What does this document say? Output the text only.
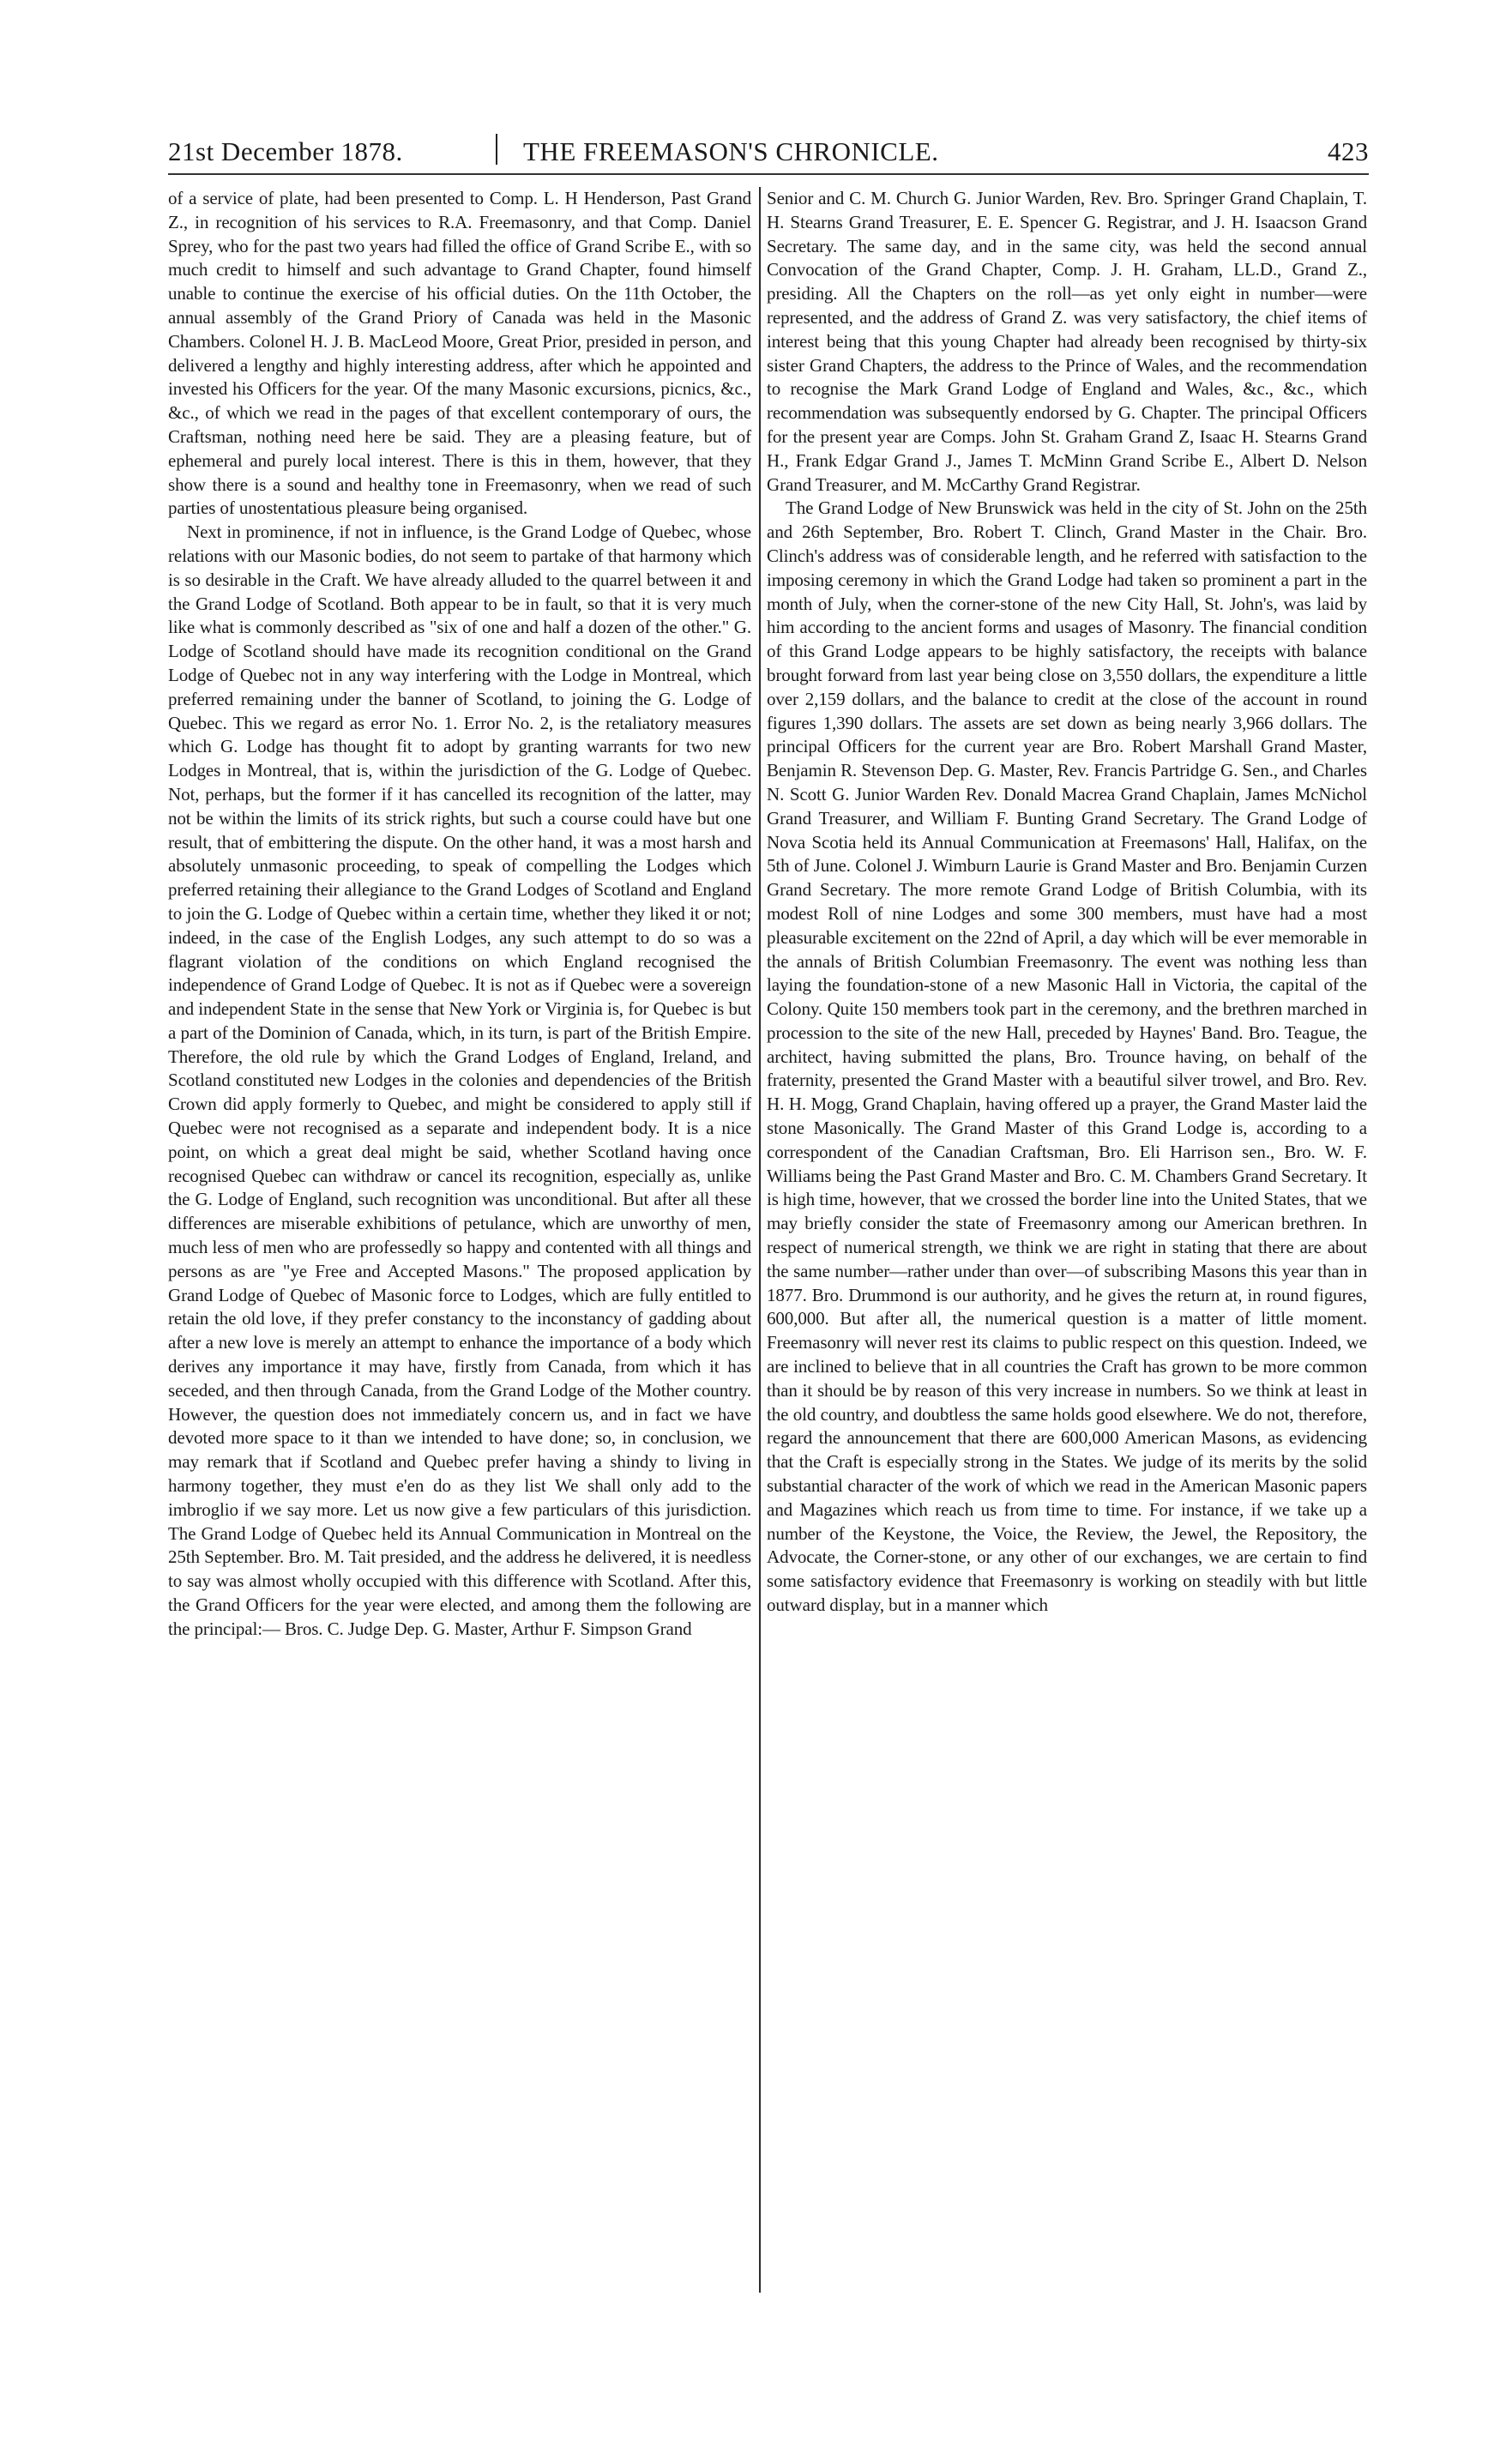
21st December 1878.	THE FREEMASON'S CHRONICLE.	423

of a service of plate, had been presented to Comp. L. H Henderson, Past Grand Z., in recognition of his services to R.A. Freemasonry, and that Comp. Daniel Sprey, who for the past two years had filled the office of Grand Scribe E., with so much credit to himself and such advantage to Grand Chapter, found himself unable to continue the exercise of his official duties. On the 11th October, the annual assembly of the Grand Priory of Canada was held in the Masonic Chambers. Colonel H. J. B. MacLeod Moore, Great Prior, presided in person, and delivered a lengthy and highly interesting address, after which he appointed and invested his Officers for the year. Of the many Masonic excursions, picnics, &c., &c., of which we read in the pages of that excellent contemporary of ours, the Craftsman, nothing need here be said. They are a pleasing feature, but of ephemeral and purely local interest. There is this in them, however, that they show there is a sound and healthy tone in Freemasonry, when we read of such parties of unostentatious pleasure being organised.

Next in prominence, if not in influence, is the Grand Lodge of Quebec, whose relations with our Masonic bodies, do not seem to partake of that harmony which is so desirable in the Craft. We have already alluded to the quarrel between it and the Grand Lodge of Scotland. Both appear to be in fault, so that it is very much like what is commonly described as "six of one and half a dozen of the other." G. Lodge of Scotland should have made its recognition conditional on the Grand Lodge of Quebec not in any way interfering with the Lodge in Montreal, which preferred remaining under the banner of Scotland, to joining the G. Lodge of Quebec. This we regard as error No. 1. Error No. 2, is the retaliatory measures which G. Lodge has thought fit to adopt by granting warrants for two new Lodges in Montreal, that is, within the jurisdiction of the G. Lodge of Quebec. Not, perhaps, but the former if it has cancelled its recognition of the latter, may not be within the limits of its strick rights, but such a course could have but one result, that of embittering the dispute. On the other hand, it was a most harsh and absolutely unmasonic proceeding, to speak of compelling the Lodges which preferred retaining their allegiance to the Grand Lodges of Scotland and England to join the G. Lodge of Quebec within a certain time, whether they liked it or not; indeed, in the case of the English Lodges, any such attempt to do so was a flagrant violation of the conditions on which England recognised the independence of Grand Lodge of Quebec. It is not as if Quebec were a sovereign and independent State in the sense that New York or Virginia is, for Quebec is but a part of the Dominion of Canada, which, in its turn, is part of the British Empire. Therefore, the old rule by which the Grand Lodges of England, Ireland, and Scotland constituted new Lodges in the colonies and dependencies of the British Crown did apply formerly to Quebec, and might be considered to apply still if Quebec were not recognised as a separate and independent body. It is a nice point, on which a great deal might be said, whether Scotland having once recognised Quebec can withdraw or cancel its recognition, especially as, unlike the G. Lodge of England, such recognition was unconditional. But after all these differences are miserable exhibitions of petulance, which are unworthy of men, much less of men who are professedly so happy and contented with all things and persons as are "ye Free and Accepted Masons." The proposed application by Grand Lodge of Quebec of Masonic force to Lodges, which are fully entitled to retain the old love, if they prefer constancy to the inconstancy of gadding about after a new love is merely an attempt to enhance the importance of a body which derives any importance it may have, firstly from Canada, from which it has seceded, and then through Canada, from the Grand Lodge of the Mother country. However, the question does not immediately concern us, and in fact we have devoted more space to it than we intended to have done; so, in conclusion, we may remark that if Scotland and Quebec prefer having a shindy to living in harmony together, they must e'en do as they list We shall only add to the imbroglio if we say more. Let us now give a few particulars of this jurisdiction. The Grand Lodge of Quebec held its Annual Communication in Montreal on the 25th September. Bro. M. Tait presided, and the address he delivered, it is needless to say was almost wholly occupied with this difference with Scotland. After this, the Grand Officers for the year were elected, and among them the following are the principal:— Bros. C. Judge Dep. G. Master, Arthur F. Simpson Grand

Senior and C. M. Church G. Junior Warden, Rev. Bro. Springer Grand Chaplain, T. H. Stearns Grand Treasurer, E. E. Spencer G. Registrar, and J. H. Isaacson Grand Secretary. The same day, and in the same city, was held the second annual Convocation of the Grand Chapter, Comp. J. H. Graham, LL.D., Grand Z., presiding. All the Chapters on the roll—as yet only eight in number—were represented, and the address of Grand Z. was very satisfactory, the chief items of interest being that this young Chapter had already been recognised by thirty-six sister Grand Chapters, the address to the Prince of Wales, and the recommendation to recognise the Mark Grand Lodge of England and Wales, &c., &c., which recommendation was subsequently endorsed by G. Chapter. The principal Officers for the present year are Comps. John St. Graham Grand Z, Isaac H. Stearns Grand H., Frank Edgar Grand J., James T. McMinn Grand Scribe E., Albert D. Nelson Grand Treasurer, and M. McCarthy Grand Registrar.

The Grand Lodge of New Brunswick was held in the city of St. John on the 25th and 26th September, Bro. Robert T. Clinch, Grand Master in the Chair. Bro. Clinch's address was of considerable length, and he referred with satisfaction to the imposing ceremony in which the Grand Lodge had taken so prominent a part in the month of July, when the corner-stone of the new City Hall, St. John's, was laid by him according to the ancient forms and usages of Masonry. The financial condition of this Grand Lodge appears to be highly satisfactory, the receipts with balance brought forward from last year being close on 3,550 dollars, the expenditure a little over 2,159 dollars, and the balance to credit at the close of the account in round figures 1,390 dollars. The assets are set down as being nearly 3,966 dollars. The principal Officers for the current year are Bro. Robert Marshall Grand Master, Benjamin R. Stevenson Dep. G. Master, Rev. Francis Partridge G. Sen., and Charles N. Scott G. Junior Warden Rev. Donald Macrea Grand Chaplain, James McNichol Grand Treasurer, and William F. Bunting Grand Secretary. The Grand Lodge of Nova Scotia held its Annual Communication at Freemasons' Hall, Halifax, on the 5th of June. Colonel J. Wimburn Laurie is Grand Master and Bro. Benjamin Curzen Grand Secretary. The more remote Grand Lodge of British Columbia, with its modest Roll of nine Lodges and some 300 members, must have had a most pleasurable excitement on the 22nd of April, a day which will be ever memorable in the annals of British Columbian Freemasonry. The event was nothing less than laying the foundation-stone of a new Masonic Hall in Victoria, the capital of the Colony. Quite 150 members took part in the ceremony, and the brethren marched in procession to the site of the new Hall, preceded by Haynes' Band. Bro. Teague, the architect, having submitted the plans, Bro. Trounce having, on behalf of the fraternity, presented the Grand Master with a beautiful silver trowel, and Bro. Rev. H. H. Mogg, Grand Chaplain, having offered up a prayer, the Grand Master laid the stone Masonically. The Grand Master of this Grand Lodge is, according to a correspondent of the Canadian Craftsman, Bro. Eli Harrison sen., Bro. W. F. Williams being the Past Grand Master and Bro. C. M. Chambers Grand Secretary. It is high time, however, that we crossed the border line into the United States, that we may briefly consider the state of Freemasonry among our American brethren. In respect of numerical strength, we think we are right in stating that there are about the same number—rather under than over—of subscribing Masons this year than in 1877. Bro. Drummond is our authority, and he gives the return at, in round figures, 600,000. But after all, the numerical question is a matter of little moment. Freemasonry will never rest its claims to public respect on this question. Indeed, we are inclined to believe that in all countries the Craft has grown to be more common than it should be by reason of this very increase in numbers. So we think at least in the old country, and doubtless the same holds good elsewhere. We do not, therefore, regard the announcement that there are 600,000 American Masons, as evidencing that the Craft is especially strong in the States. We judge of its merits by the solid substantial character of the work of which we read in the American Masonic papers and Magazines which reach us from time to time. For instance, if we take up a number of the Keystone, the Voice, the Review, the Jewel, the Repository, the Advocate, the Corner-stone, or any other of our exchanges, we are certain to find some satisfactory evidence that Freemasonry is working on steadily with but little outward display, but in a manner which
